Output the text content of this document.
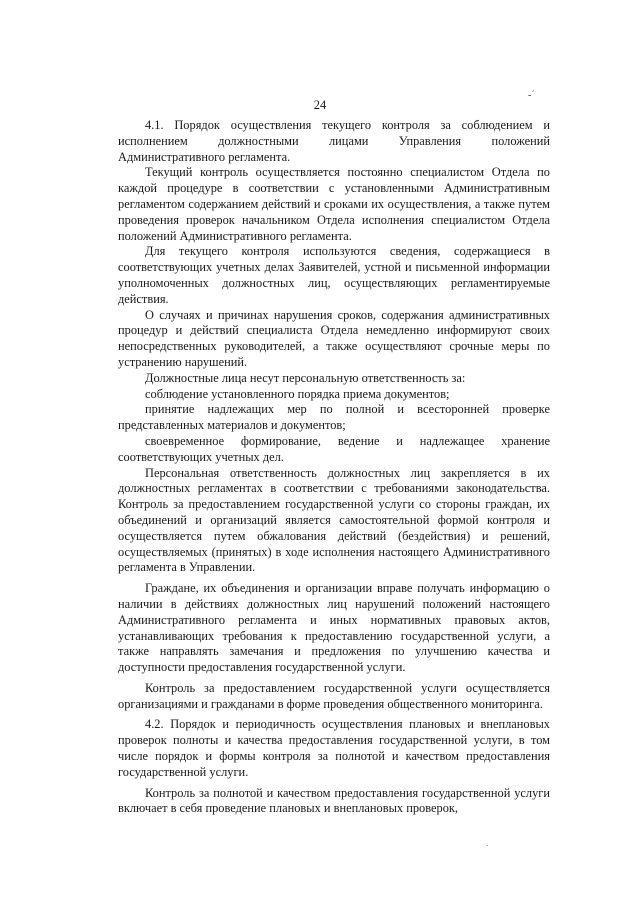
-ˊ
24

4.1. Порядок осуществления текущего контроля за соблюдением и исполнением должностными лицами Управления положений Административного регламента.

Текущий контроль осуществляется постоянно специалистом Отдела по каждой процедуре в соответствии с установленными Административным регламентом содержанием действий и сроками их осуществления, а также путем проведения проверок начальником Отдела исполнения специалистом Отдела положений Административного регламента.

Для текущего контроля используются сведения, содержащиеся в соответствующих учетных делах Заявителей, устной и письменной информации уполномоченных должностных лиц, осуществляющих регламентируемые действия.

О случаях и причинах нарушения сроков, содержания административных процедур и действий специалиста Отдела немедленно информируют своих непосредственных руководителей, а также осуществляют срочные меры по устранению нарушений.

Должностные лица несут персональную ответственность за:

соблюдение установленного порядка приема документов;

принятие надлежащих мер по полной и всесторонней проверке представленных материалов и документов;

своевременное формирование, ведение и надлежащее хранение соответствующих учетных дел.

Персональная ответственность должностных лиц закрепляется в их должностных регламентах в соответствии с требованиями законодательства. Контроль за предоставлением государственной услуги со стороны граждан, их объединений и организаций является самостоятельной формой контроля и осуществляется путем обжалования действий (бездействия) и решений, осуществляемых (принятых) в ходе исполнения настоящего Административного регламента в Управлении.

Граждане, их объединения и организации вправе получать информацию о наличии в действиях должностных лиц нарушений положений настоящего Административного регламента и иных нормативных правовых актов, устанавливающих требования к предоставлению государственной услуги, а также направлять замечания и предложения по улучшению качества и доступности предоставления государственной услуги.

Контроль за предоставлением государственной услуги осуществляется организациями и гражданами в форме проведения общественного мониторинга.

4.2. Порядок и периодичность осуществления плановых и внеплановых проверок полноты и качества предоставления государственной услуги, в том числе порядок и формы контроля за полнотой и качеством предоставления государственной услуги.

Контроль за полнотой и качеством предоставления государственной услуги включает в себя проведение плановых и внеплановых проверок,

·
